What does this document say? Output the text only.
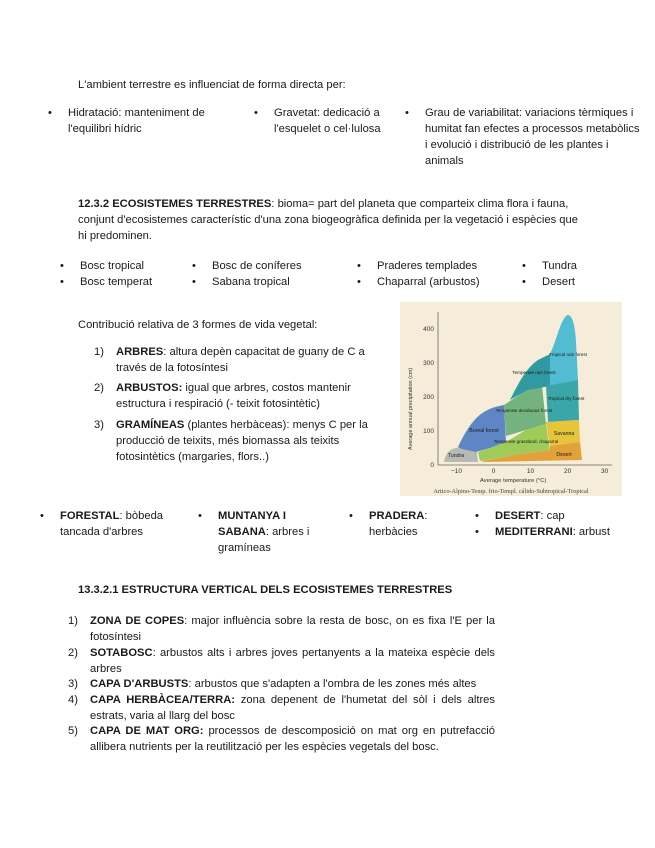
L'ambient terrestre es influenciat de forma directa per:
• Hidratació: manteniment de l'equilibri hídric
• Gravetat: dedicació a l'esquelet o cel·lulosa
• Grau de variabilitat: variacions tèrmiques i humitat fan efectes a processos metabòlics i evolució i distribució de les plantes i animals
12.3.2 ECOSISTEMES TERRESTRES: bioma= part del planeta que comparteix clima flora i fauna, conjunt d'ecosistemes característic d'una zona biogeogràfica definida per la vegetació i espècies que hi predominen.
• Bosc tropical
• Bosc temperat
• Bosc de coníferes
• Sabana tropical
• Praderes templades
• Chaparral (arbustos)
• Tundra
• Desert
Contribució relativa de 3 formes de vida vegetal:
1) ARBRES: altura depèn capacitat de guany de C a través de la fotosíntesi
2) ARBUSTOS: igual que arbres, costos mantenir estructura i respiració (- teixit fotosintètic)
3) GRAMÍNEAS (plantes herbàceas): menys C per la producció de teixits, més biomassa als teixits fotosintètics (margaries, flors..)
0
100
200
300
400
−10	0	10	20	30
Average annual precipitation (cm)
Average temperature (°C)
Tundra
Boreal forest
Temperate deciduous forest
Temperate grassland, chaparral
Temperate rain forest
Tropical rain forest
Tropical dry forest
Savanna
Desert
Artico-Alpino-Temp. frio-Templ. cálido-Subtropical-Tropical
• FORESTAL: bòbeda tancada d'arbres
• MUNTANYA I SABANA: arbres i gramíneas
• PRADERA: herbàcies
• DESERT: cap
• MEDITERRANI: arbust
13.3.2.1 ESTRUCTURA VERTICAL DELS ECOSISTEMES TERRESTRES
1) ZONA DE COPES: major influència sobre la resta de bosc, on es fixa l'E per la fotosíntesi
2) SOTABOSC: arbustos alts i arbres joves pertanyents a la mateixa espècie dels arbres
3) CAPA D'ARBUSTS: arbustos que s'adapten a l'ombra de les zones més altes
4) CAPA HERBÀCEA/TERRA: zona depenent de l'humetat del sòl i dels altres estrats, varia al llarg del bosc
5) CAPA DE MAT ORG: processos de descomposició on mat org en putrefacció allibera nutrients per la reutilització per les espècies vegetals del bosc.
